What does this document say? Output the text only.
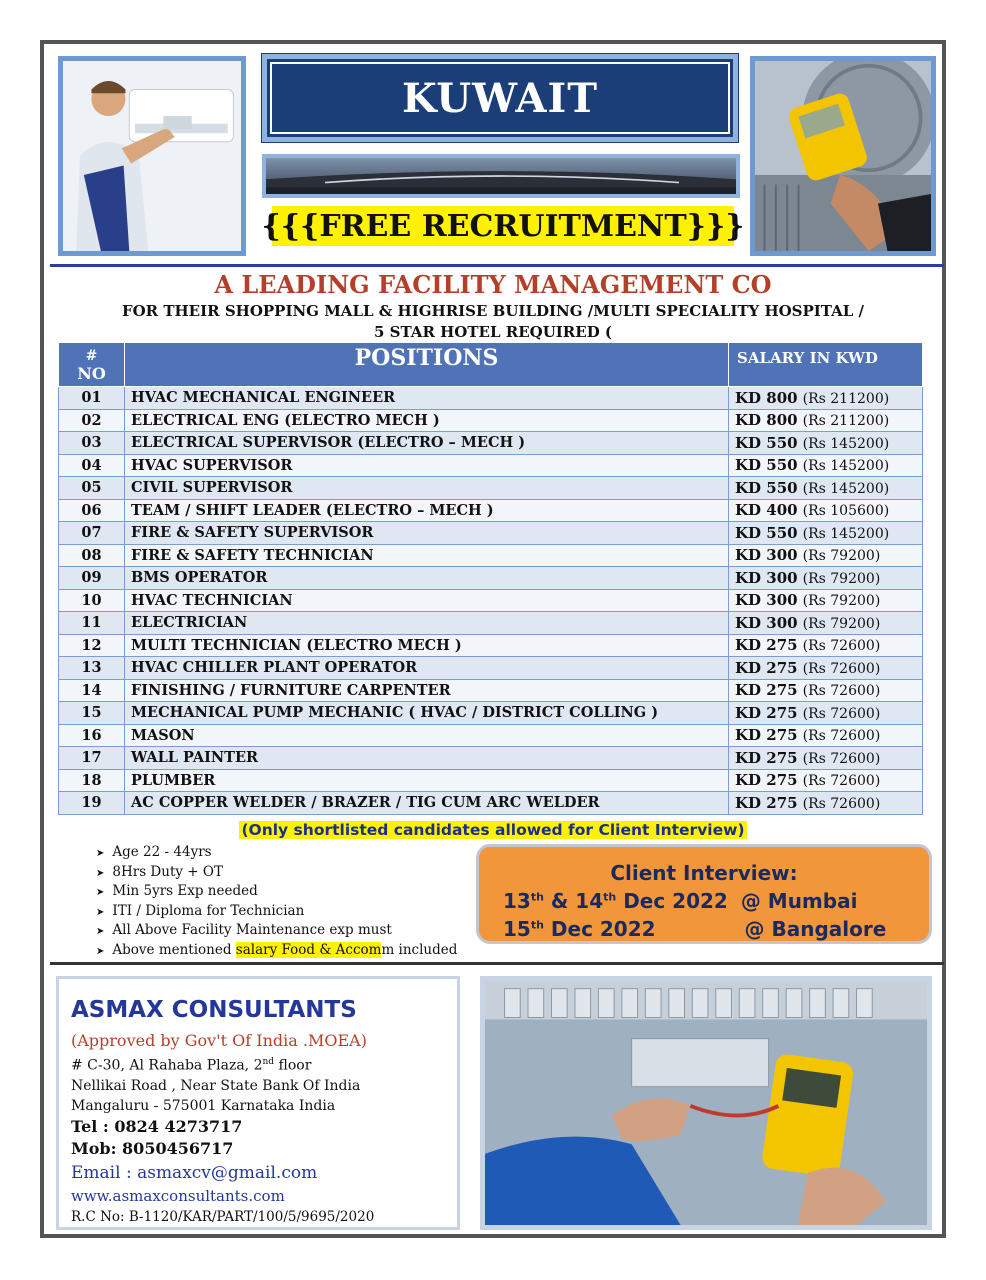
KUWAIT
{{{FREE RECRUITMENT}}}
A LEADING FACILITY MANAGEMENT CO
FOR THEIR SHOPPING MALL & HIGHRISE BUILDING /MULTI SPECIALITY HOSPITAL /
5 STAR HOTEL REQUIRED (
#
NO	POSITIONS	SALARY IN KWD
01	HVAC MECHANICAL ENGINEER	KD 800 (Rs 211200)
02	ELECTRICAL ENG (ELECTRO MECH )	KD 800 (Rs 211200)
03	ELECTRICAL SUPERVISOR (ELECTRO – MECH )	KD 550 (Rs 145200)
04	HVAC SUPERVISOR	KD 550 (Rs 145200)
05	CIVIL SUPERVISOR	KD 550 (Rs 145200)
06	TEAM / SHIFT LEADER (ELECTRO – MECH )	KD 400 (Rs 105600)
07	FIRE & SAFETY SUPERVISOR	KD 550 (Rs 145200)
08	FIRE & SAFETY TECHNICIAN	KD 300 (Rs 79200)
09	BMS OPERATOR	KD 300 (Rs 79200)
10	HVAC TECHNICIAN	KD 300 (Rs 79200)
11	ELECTRICIAN	KD 300 (Rs 79200)
12	MULTI TECHNICIAN (ELECTRO MECH )	KD 275 (Rs 72600)
13	HVAC CHILLER PLANT OPERATOR	KD 275 (Rs 72600)
14	FINISHING / FURNITURE CARPENTER	KD 275 (Rs 72600)
15	MECHANICAL PUMP MECHANIC ( HVAC / DISTRICT COLLING )	KD 275 (Rs 72600)
16	MASON	KD 275 (Rs 72600)
17	WALL PAINTER	KD 275 (Rs 72600)
18	PLUMBER	KD 275 (Rs 72600)
19	AC COPPER WELDER / BRAZER / TIG CUM ARC WELDER	KD 275 (Rs 72600)
(Only shortlisted candidates allowed for Client Interview)
➤ Age 22 - 44yrs
➤ 8Hrs Duty + OT
➤ Min 5yrs Exp needed
➤ ITI / Diploma for Technician
➤ All Above Facility Maintenance exp must
➤ Above mentioned salary Food & Accomm included
Client Interview:
13th & 14th Dec 2022 @ Mumbai
15th Dec 2022	@ Bangalore
ASMAX CONSULTANTS
(Approved by Gov't Of India .MOEA)
# C-30, Al Rahaba Plaza, 2nd floor
Nellikai Road , Near State Bank Of India
Mangaluru - 575001 Karnataka India
Tel : 0824 4273717
Mob: 8050456717
Email : asmaxcv@gmail.com
www.asmaxconsultants.com
R.C No: B-1120/KAR/PART/100/5/9695/2020
